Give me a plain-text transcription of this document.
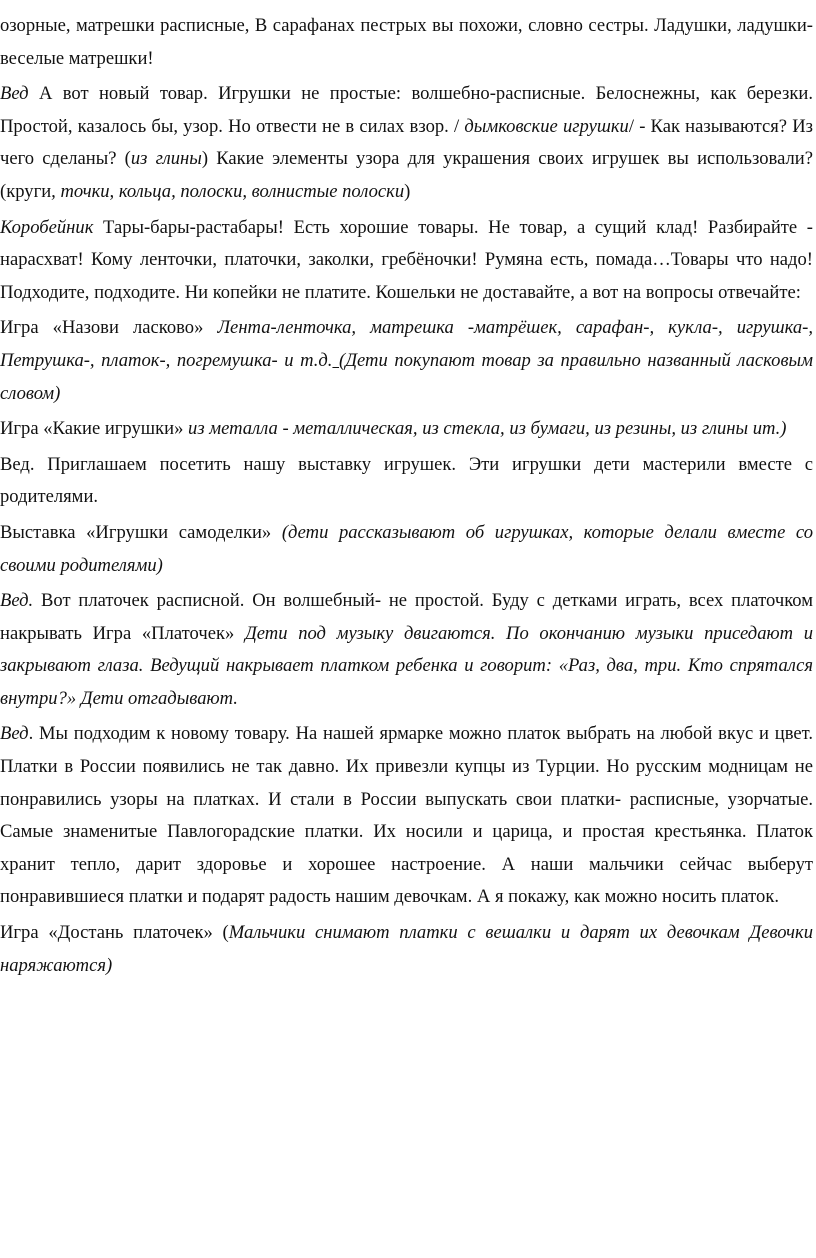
озорные, матрешки расписные, В сарафанах пестрых вы похожи, словно сестры. Ладушки, ладушки- веселые матрешки!

Вед А вот новый товар. Игрушки не простые: волшебно-расписные. Белоснежны, как березки. Простой, казалось бы, узор. Но отвести не в силах взор. / дымковские игрушки/ - Как называются? Из чего сделаны? (из глины) Какие элементы узора для украшения своих игрушек вы использовали? (круги, точки, кольца, полоски, волнистые полоски)

Коробейник Тары-бары-растабары! Есть хорошие товары. Не товар, а сущий клад! Разбирайте - нарасхват! Кому ленточки, платочки, заколки, гребёночки! Румяна есть, помада…Товары что надо! Подходите, подходите. Ни копейки не платите. Кошельки не доставайте, а вот на вопросы отвечайте:

Игра «Назови ласково» Лента-ленточка, матрешка -матрёшек, сарафан-, кукла-, игрушка-, Петрушка-, платок-, погремушка- и т.д. (Дети покупают товар за правильно названный ласковым словом)

Игра «Какие игрушки» из металла - металлическая, из стекла, из бумаги, из резины, из глины ит.)

Вед. Приглашаем посетить нашу выставку игрушек. Эти игрушки дети мастерили вместе с родителями.

Выставка «Игрушки самоделки» (дети рассказывают об игрушках, которые делали вместе со своими родителями)

Вед. Вот платочек расписной. Он волшебный- не простой. Буду с детками играть, всех платочком накрывать Игра «Платочек» Дети под музыку двигаются. По окончанию музыки приседают и закрывают глаза. Ведущий накрывает платком ребенка и говорит: «Раз, два, три. Кто спрятался внутри?» Дети отгадывают.

Вед. Мы подходим к новому товару. На нашей ярмарке можно платок выбрать на любой вкус и цвет. Платки в России появились не так давно. Их привезли купцы из Турции. Но русским модницам не понравились узоры на платках. И стали в России выпускать свои платки- расписные, узорчатые. Самые знаменитые Павлогорадские платки. Их носили и царица, и простая крестьянка. Платок хранит тепло, дарит здоровье и хорошее настроение. А наши мальчики сейчас выберут понравившиеся платки и подарят радость нашим девочкам. А я покажу, как можно носить платок.

Игра «Достань платочек» (Мальчики снимают платки с вешалки и дарят их девочкам Девочки наряжаются)
